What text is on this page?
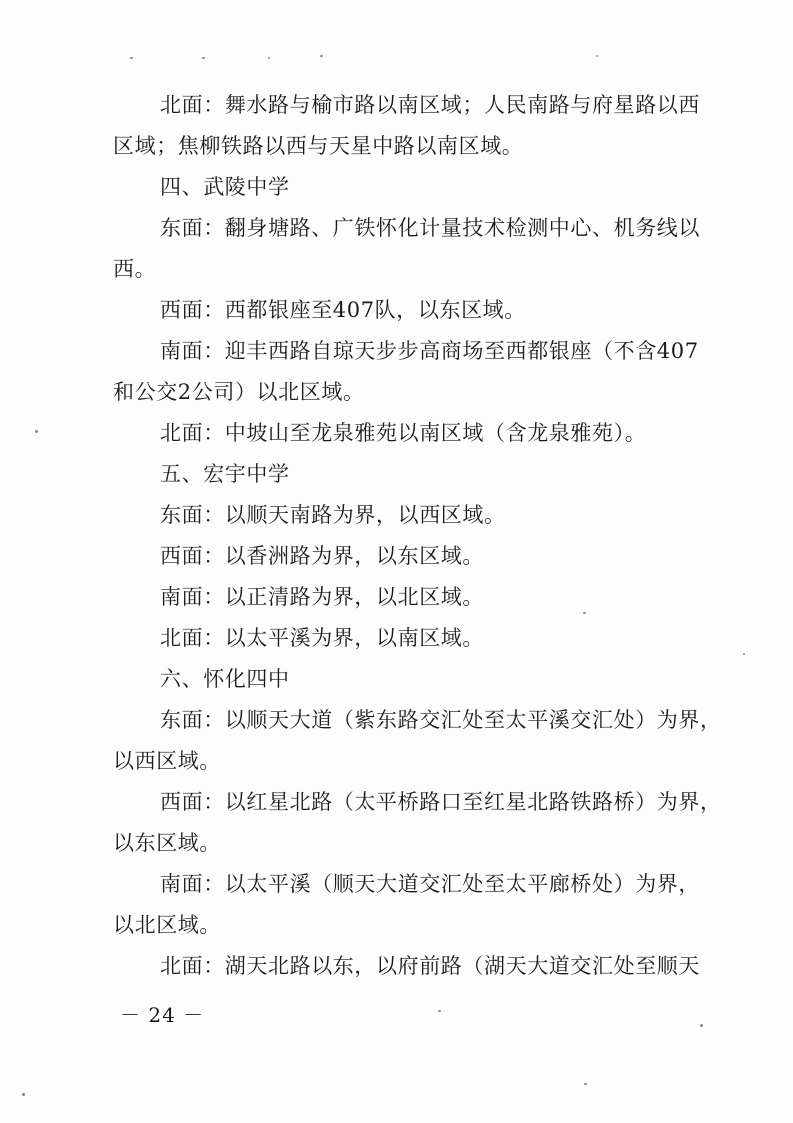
北面：舞水路与榆市路以南区域；人民南路与府星路以西
区域；焦柳铁路以西与天星中路以南区域。
四、武陵中学
东面：翻身塘路、广铁怀化计量技术检测中心、机务线以
西。
西面：西都银座至407队，以东区域。
南面：迎丰西路自琼天步步高商场至西都银座（不含407
和公交2公司）以北区域。
北面：中坡山至龙泉雅苑以南区域（含龙泉雅苑）。
五、宏宇中学
东面：以顺天南路为界，以西区域。
西面：以香洲路为界，以东区域。
南面：以正清路为界，以北区域。
北面：以太平溪为界，以南区域。
六、怀化四中
东面：以顺天大道（紫东路交汇处至太平溪交汇处）为界，
以西区域。
西面：以红星北路（太平桥路口至红星北路铁路桥）为界，
以东区域。
南面：以太平溪（顺天大道交汇处至太平廊桥处）为界，
以北区域。
北面：湖天北路以东，以府前路（湖天大道交汇处至顺天
－ 24 －
